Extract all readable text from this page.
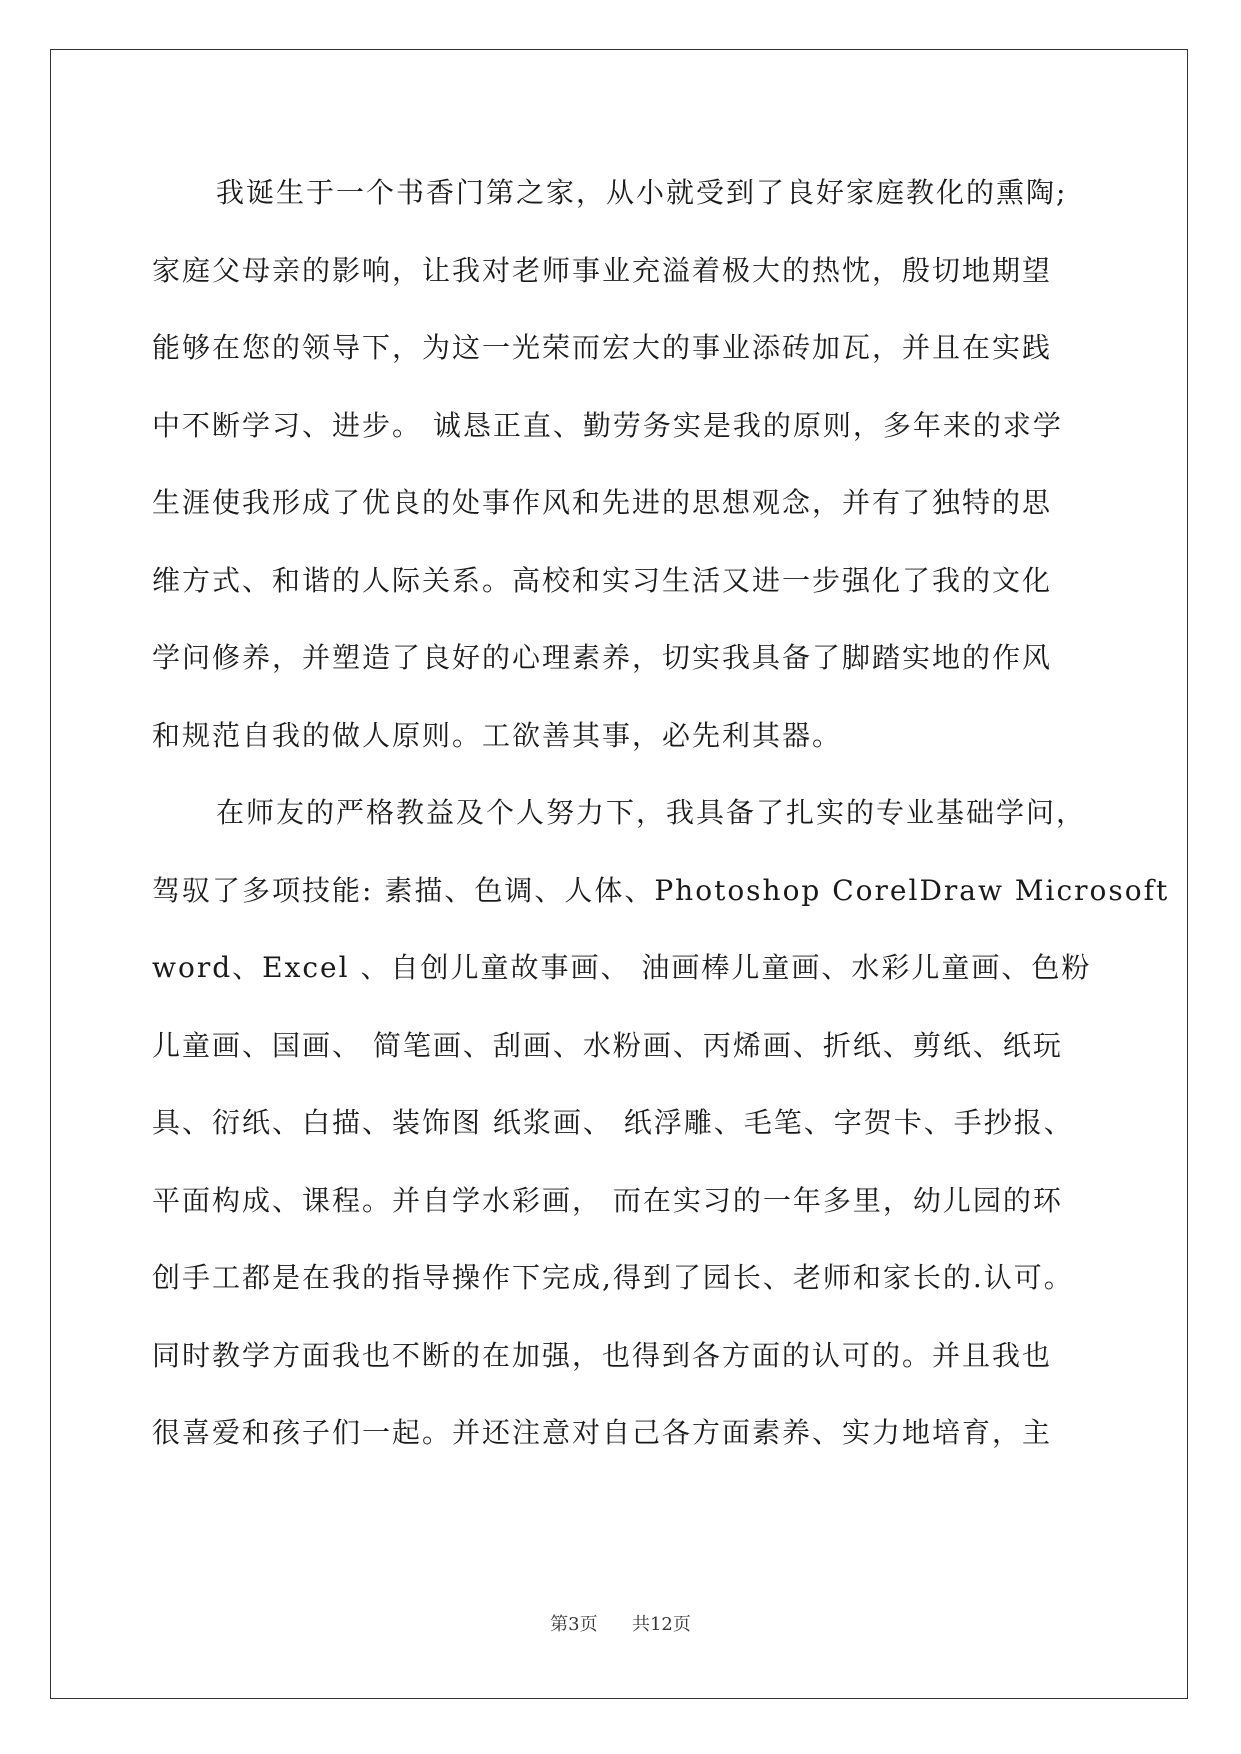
我诞生于一个书香门第之家，从小就受到了良好家庭教化的熏陶;
家庭父母亲的影响，让我对老师事业充溢着极大的热忱，殷切地期望
能够在您的领导下，为这一光荣而宏大的事业添砖加瓦，并且在实践
中不断学习、进步。 诚恳正直、勤劳务实是我的原则，多年来的求学
生涯使我形成了优良的处事作风和先进的思想观念，并有了独特的思
维方式、和谐的人际关系。高校和实习生活又进一步强化了我的文化
学问修养，并塑造了良好的心理素养，切实我具备了脚踏实地的作风
和规范自我的做人原则。工欲善其事，必先利其器。
在师友的严格教益及个人努力下，我具备了扎实的专业基础学问，
驾驭了多项技能: 素描、色调、人体、Photoshop CorelDraw Microsoft
word、Excel 、自创儿童故事画、 油画棒儿童画、水彩儿童画、色粉
儿童画、国画、 简笔画、刮画、水粉画、丙烯画、折纸、剪纸、纸玩
具、衍纸、白描、装饰图 纸浆画、 纸浮雕、毛笔、字贺卡、手抄报、
平面构成、课程。并自学水彩画， 而在实习的一年多里，幼儿园的环
创手工都是在我的指导操作下完成,得到了园长、老师和家长的.认可。
同时教学方面我也不断的在加强，也得到各方面的认可的。并且我也
很喜爱和孩子们一起。并还注意对自己各方面素养、实力地培育，主
第3页 共12页
